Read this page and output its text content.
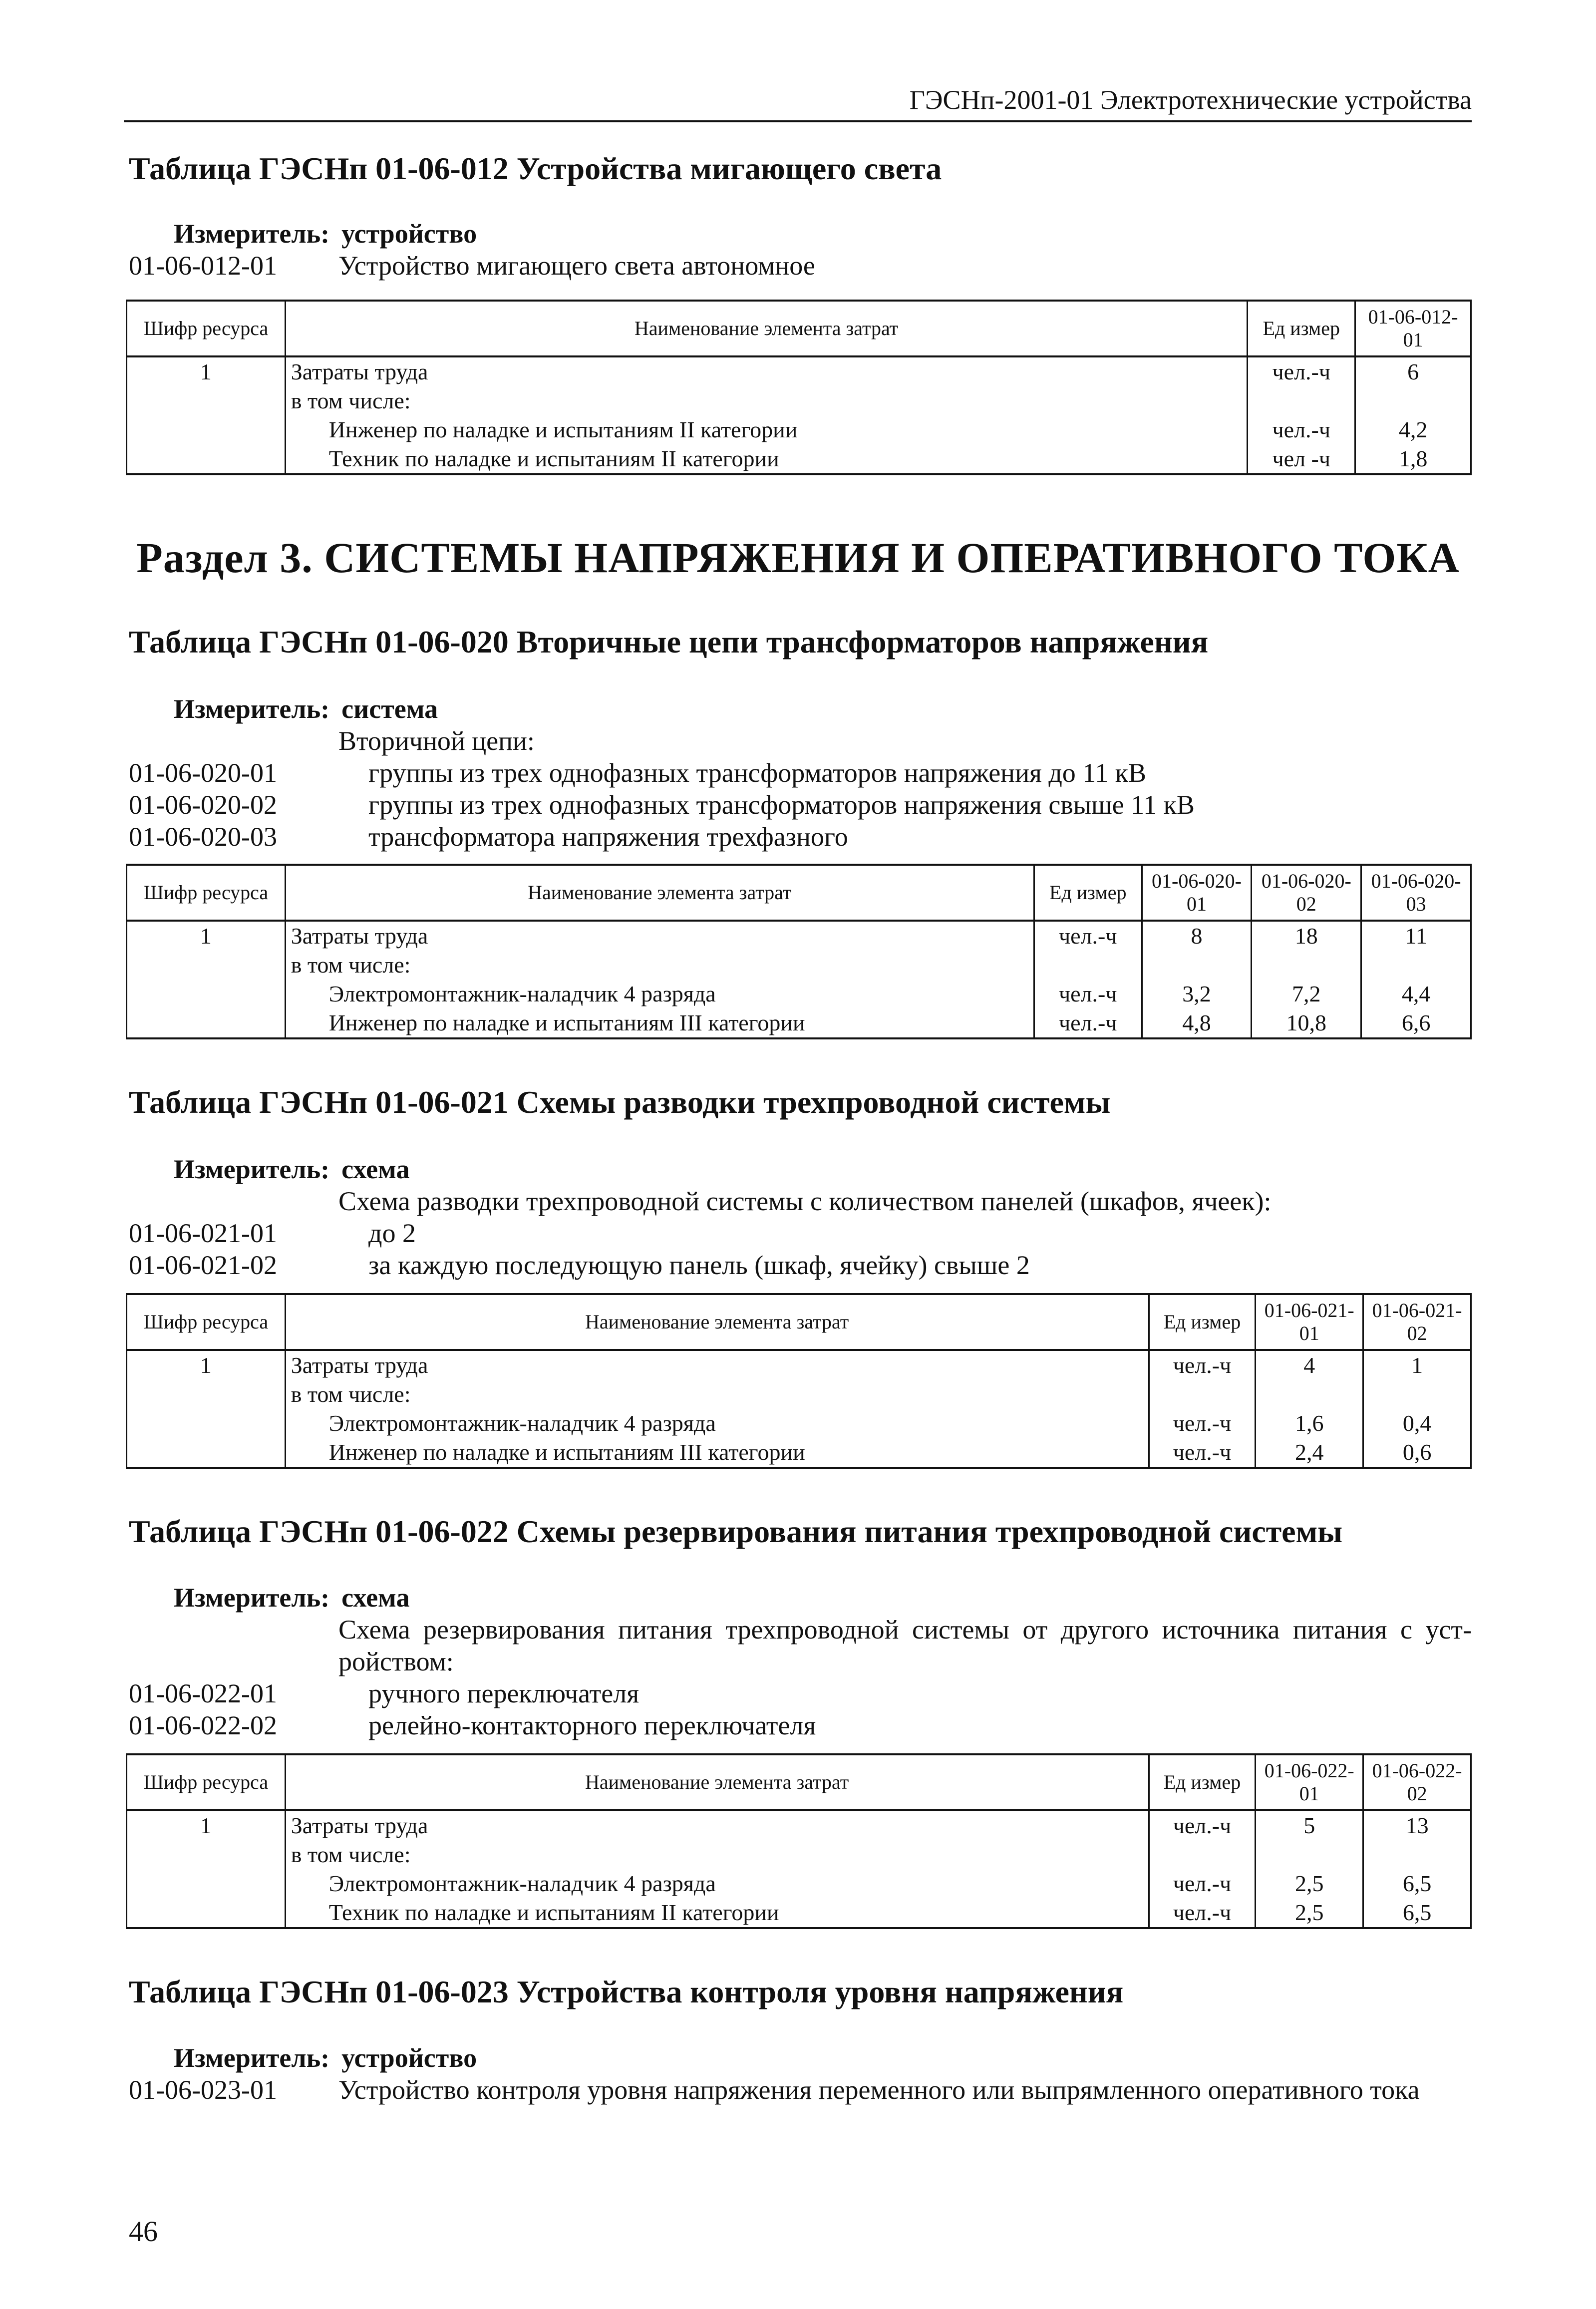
ГЭСНп-2001-01 Электротехнические устройства
Таблица ГЭСНп 01-06-012 Устройства мигающего света
Измеритель: устройство
01-06-012-01	Устройство мигающего света автономное
Шифр ресурса	Наименование элемента затрат	Ед измер	01-06-012-01
1	Затраты труда	чел.-ч	6
	в том числе:		
	Инженер по наладке и испытаниям II категории	чел.-ч	4,2
	Техник по наладке и испытаниям II категории	чел -ч	1,8
Раздел 3. СИСТЕМЫ НАПРЯЖЕНИЯ И ОПЕРАТИВНОГО ТОКА
Таблица ГЭСНп 01-06-020 Вторичные цепи трансформаторов напряжения
Измеритель: система
Вторичной цепи:
01-06-020-01	группы из трех однофазных трансформаторов напряжения до 11 кВ
01-06-020-02	группы из трех однофазных трансформаторов напряжения свыше 11 кВ
01-06-020-03	трансформатора напряжения трехфазного
Шифр ресурса	Наименование элемента затрат	Ед измер	01-06-020-01	01-06-020-02	01-06-020-03
1	Затраты труда	чел.-ч	8	18	11
	в том числе:				
	Электромонтажник-наладчик 4 разряда	чел.-ч	3,2	7,2	4,4
	Инженер по наладке и испытаниям III категории	чел.-ч	4,8	10,8	6,6
Таблица ГЭСНп 01-06-021 Схемы разводки трехпроводной системы
Измеритель: схема
Схема разводки трехпроводной системы с количеством панелей (шкафов, ячеек):
01-06-021-01	до 2
01-06-021-02	за каждую последующую панель (шкаф, ячейку) свыше 2
Шифр ресурса	Наименование элемента затрат	Ед измер	01-06-021-01	01-06-021-02
1	Затраты труда	чел.-ч	4	1
	в том числе:			
	Электромонтажник-наладчик 4 разряда	чел.-ч	1,6	0,4
	Инженер по наладке и испытаниям III категории	чел.-ч	2,4	0,6
Таблица ГЭСНп 01-06-022 Схемы резервирования питания трехпроводной системы
Измеритель: схема
Схема резервирования питания трехпроводной системы от другого источника питания с уст-
ройством:
01-06-022-01	ручного переключателя
01-06-022-02	релейно-контакторного переключателя
Шифр ресурса	Наименование элемента затрат	Ед измер	01-06-022-01	01-06-022-02
1	Затраты труда	чел.-ч	5	13
	в том числе:			
	Электромонтажник-наладчик 4 разряда	чел.-ч	2,5	6,5
	Техник по наладке и испытаниям II категории	чел.-ч	2,5	6,5
Таблица ГЭСНп 01-06-023 Устройства контроля уровня напряжения
Измеритель: устройство
01-06-023-01	Устройство контроля уровня напряжения переменного или выпрямленного оперативного тока
46
